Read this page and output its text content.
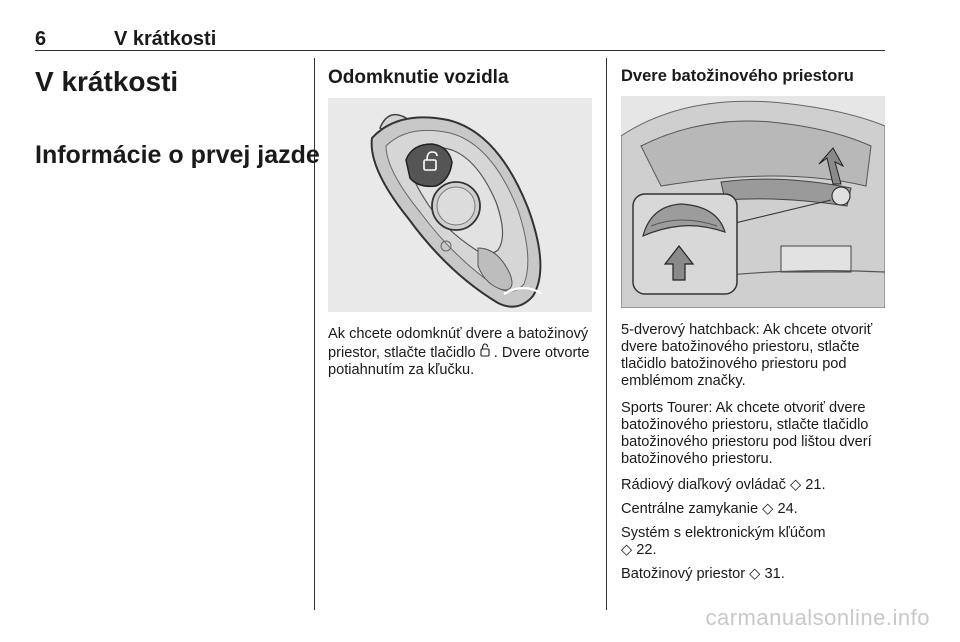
6	V krátkosti
V krátkosti
Informácie o prvej jazde
Odomknutie vozidla

Ak chcete odomknúť dvere a batožinový priestor, stlačte tlačidlo . Dvere otvorte potiahnutím za kľučku.

Dvere batožinového priestoru

5-dverový hatchback: Ak chcete otvoriť dvere batožinového priestoru, stlačte tlačidlo batožinového priestoru pod emblémom značky.

Sports Tourer: Ak chcete otvoriť dvere batožinového priestoru, stlačte tlačidlo batožinového priestoru pod lištou dverí batožinového priestoru.

Rádiový diaľkový ovládač ◇ 21.

Centrálne zamykanie ◇ 24.

Systém s elektronickým kľúčom
◇ 22.

Batožinový priestor ◇ 31.

carmanualsonline.info
